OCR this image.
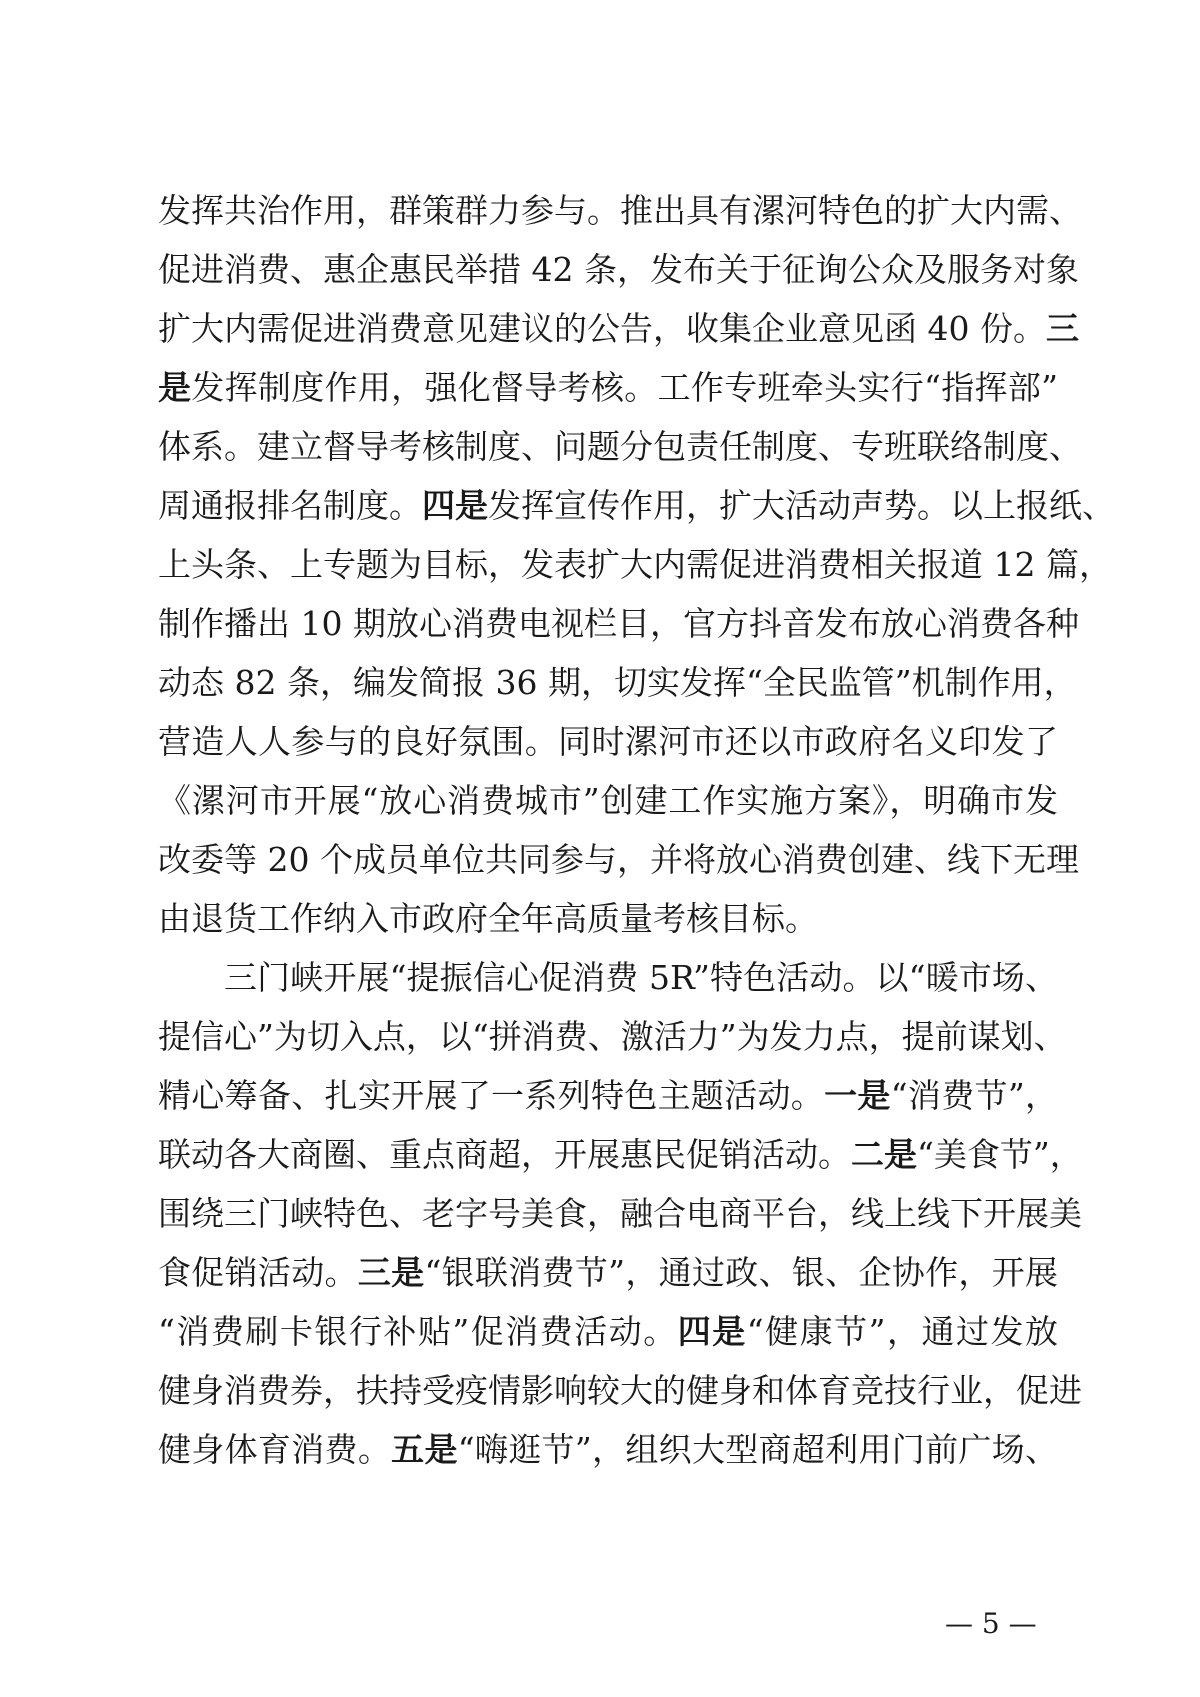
发挥共治作用，群策群力参与。推出具有漯河特色的扩大内需、
促进消费、惠企惠民举措 42 条，发布关于征询公众及服务对象
扩大内需促进消费意见建议的公告，收集企业意见函 40 份。三
是发挥制度作用，强化督导考核。工作专班牵头实行“指挥部”
体系。建立督导考核制度、问题分包责任制度、专班联络制度、
周通报排名制度。四是发挥宣传作用，扩大活动声势。以上报纸、
上头条、上专题为目标，发表扩大内需促进消费相关报道 12 篇，
制作播出 10 期放心消费电视栏目，官方抖音发布放心消费各种
动态 82 条，编发简报 36 期，切实发挥“全民监管”机制作用，
营造人人参与的良好氛围。同时漯河市还以市政府名义印发了
《漯河市开展“放心消费城市”创建工作实施方案》，明确市发
改委等 20 个成员单位共同参与，并将放心消费创建、线下无理
由退货工作纳入市政府全年高质量考核目标。
三门峡开展“提振信心促消费 5R”特色活动。以“暖市场、
提信心”为切入点，以“拼消费、激活力”为发力点，提前谋划、
精心筹备、扎实开展了一系列特色主题活动。一是“消费节”，
联动各大商圈、重点商超，开展惠民促销活动。二是“美食节”，
围绕三门峡特色、老字号美食，融合电商平台，线上线下开展美
食促销活动。三是“银联消费节”，通过政、银、企协作，开展
“消费刷卡银行补贴”促消费活动。四是“健康节”，通过发放
健身消费券，扶持受疫情影响较大的健身和体育竞技行业，促进
健身体育消费。五是“嗨逛节”，组织大型商超利用门前广场、
— 5 —
